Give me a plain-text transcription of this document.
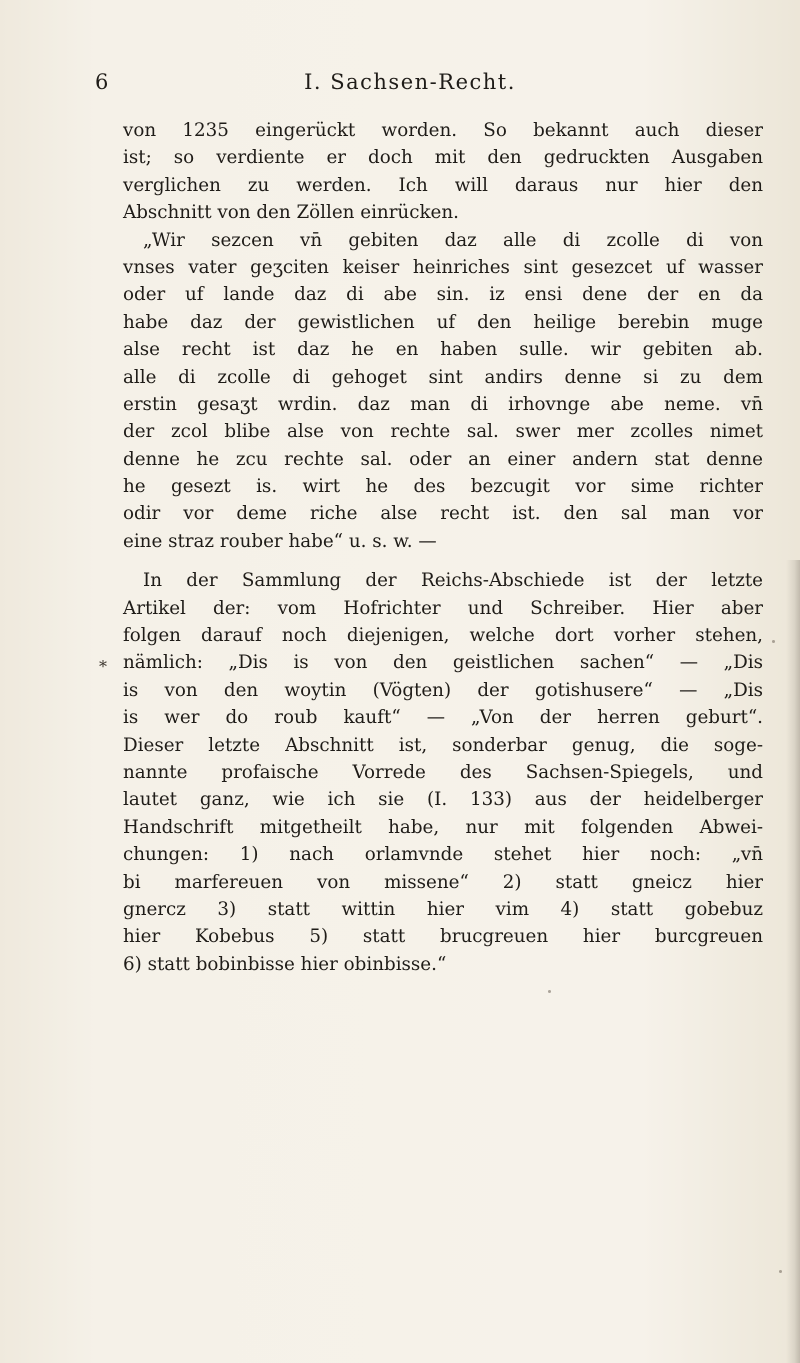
6	I. Sachsen-Recht.
*
von 1235 eingerückt worden. So bekannt auch dieser
ist; so verdiente er doch mit den gedruckten Ausgaben
verglichen zu werden. Ich will daraus nur hier den
Abschnitt von den Zöllen einrücken.
„Wir sezcen vn̄ gebiten daz alle di zcolle di von
vnses vater geʒciten keiser heinriches sint gesezcet uf wasser
oder uf lande daz di abe sin. iz ensi dene der en da
habe daz der gewistlichen uf den heilige berebin muge
alse recht ist daz he en haben sulle. wir gebiten ab.
alle di zcolle di gehoget sint andirs denne si zu dem
erstin gesaʒt wrdin. daz man di irhovnge abe neme. vn̄
der zcol blibe alse von rechte sal. swer mer zcolles nimet
denne he zcu rechte sal. oder an einer andern stat denne
he gesezt is. wirt he des bezcugit vor sime richter
odir vor deme riche alse recht ist. den sal man vor
eine straz rouber habe“ u. s. w. —
In der Sammlung der Reichs-Abschiede ist der letzte
Artikel der: vom Hofrichter und Schreiber. Hier aber
folgen darauf noch diejenigen, welche dort vorher stehen,
nämlich: „Dis is von den geistlichen sachen“ — „Dis
is von den woytin (Vögten) der gotishusere“ — „Dis
is wer do roub kauft“ — „Von der herren geburt“.
Dieser letzte Abschnitt ist, sonderbar genug, die soge-
nannte profaische Vorrede des Sachsen-Spiegels, und
lautet ganz, wie ich sie (I. 133) aus der heidelberger
Handschrift mitgetheilt habe, nur mit folgenden Abwei-
chungen: 1) nach orlamvnde stehet hier noch: „vn̄
bi marfereuen von missene“ 2) statt gneicz hier
gnercz 3) statt wittin hier vim 4) statt gobebuz
hier Kobebus 5) statt brucgreuen hier burcgreuen
6) statt bobinbisse hier obinbisse.“
